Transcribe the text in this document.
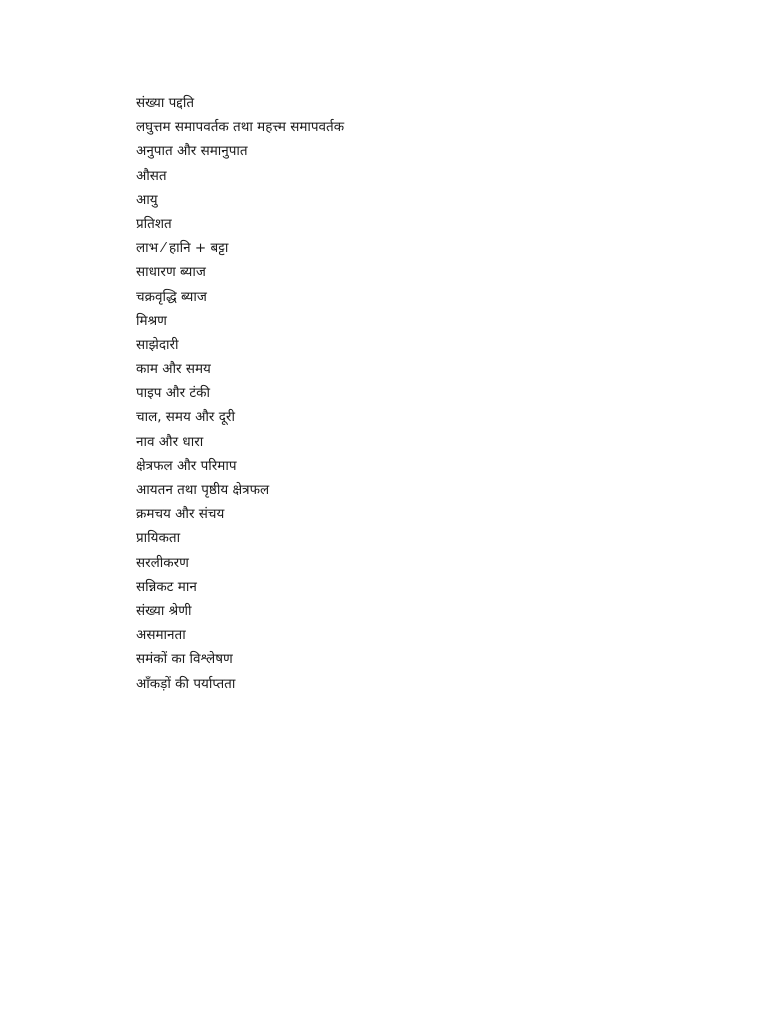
संख्या पद्दति
लघुत्तम समापवर्तक तथा महत्त्म समापवर्तक
अनुपात और समानुपात
औसत
आयु
प्रतिशत
लाभ ⁄ हानि + बट्टा
साधारण ब्याज
चक्रवृद्धि ब्याज
मिश्रण
साझेदारी
काम और समय
पाइप और टंकी
चाल, समय और दूरी
नाव और धारा
क्षेत्रफल और परिमाप
आयतन तथा पृष्ठीय क्षेत्रफल
क्रमचय और संचय
प्रायिकता
सरलीकरण
सन्निकट मान
संख्या श्रेणी
असमानता
समंकों का विश्लेषण
आँकड़ों की पर्याप्तता
